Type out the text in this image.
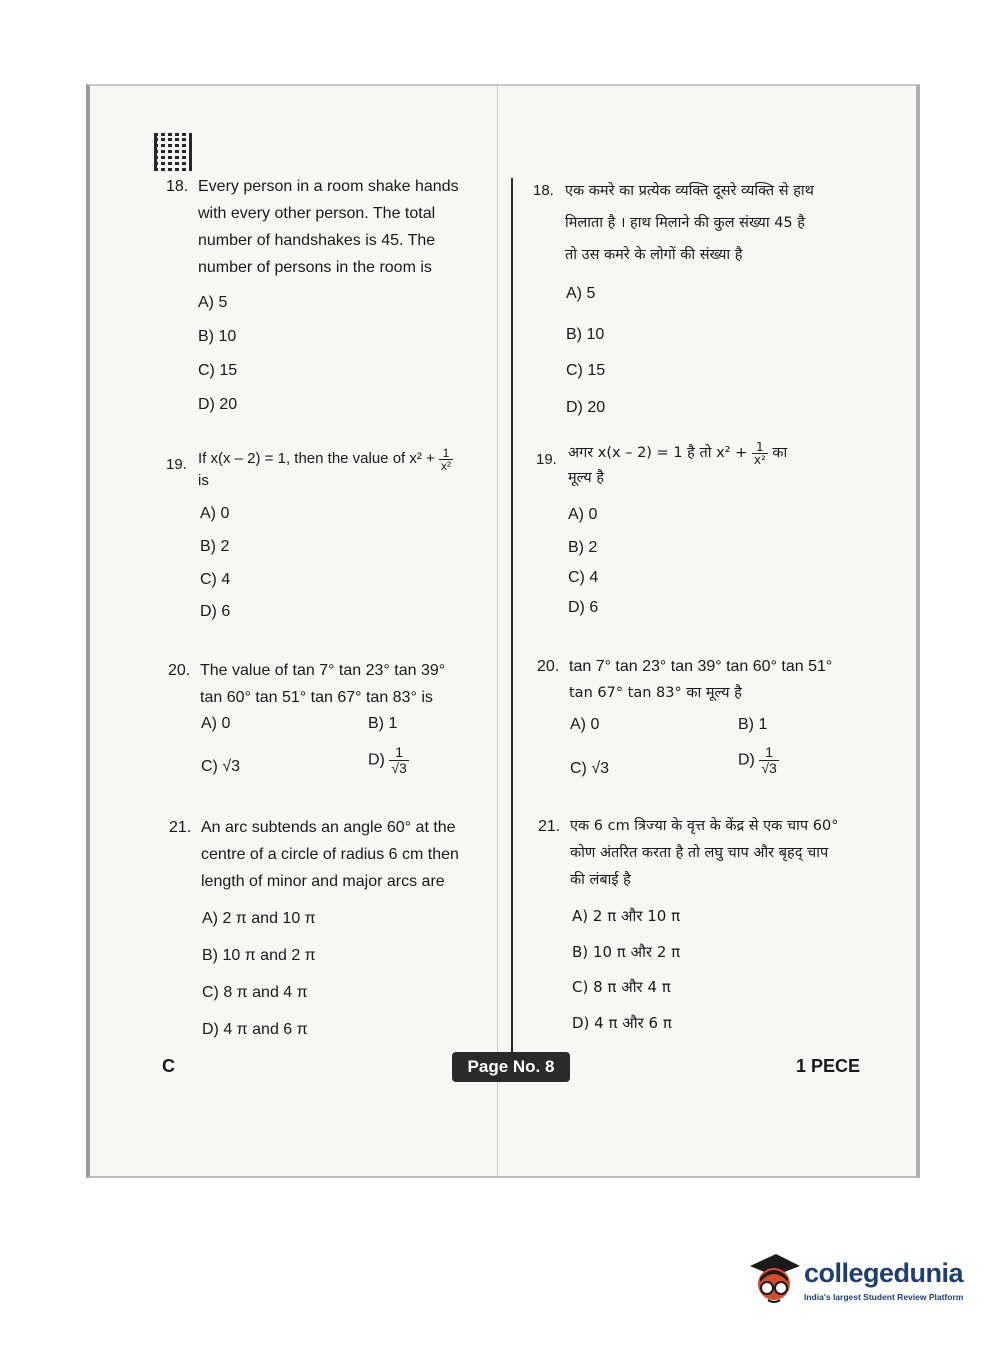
18. Every person in a room shake hands
with every other person. The total
number of handshakes is 45. The
number of persons in the room is
A) 5
B) 10
C) 15
D) 20
19. If x(x – 2) = 1, then the value of $x^2 + \frac{1}{\text{x²}}$
is
A) 0
B) 2
C) 4
D) 6
20. The value of tan 7° tan 23° tan 39°
tan 60° tan 51° tan 67° tan 83° is
A) 0	B) 1
C) √3	$D) \frac{1}{√3}$
21. An arc subtends an angle 60° at the
centre of a circle of radius 6 cm then
length of minor and major arcs are
A) 2 π and 10 π
B) 10 π and 2 π
C) 8 π and 4 π
D) 4 π and 6 π
18. एक कमरे का प्रत्येक व्यक्ति दूसरे व्यक्ति से हाथ
मिलाता है । हाथ मिलाने की कुल संख्या 45 है
तो उस कमरे के लोगों की संख्या है
A) 5
B) 10
C) 15
D) 20
19. अगर x(x – 2) = 1 है तो $x^2 + \frac{1}{\text{x²}}$ का
मूल्य है
A) 0
B) 2
C) 4
D) 6
20. tan 7° tan 23° tan 39° tan 60° tan 51°
tan 67° tan 83° का मूल्य है
A) 0	B) 1
C) √3	$D) \frac{1}{√3}$
21. एक 6 cm त्रिज्या के वृत्त के केंद्र से एक चाप 60°
कोण अंतरित करता है तो लघु चाप और बृहद् चाप
की लंबाई है
A) 2 π और 10 π
B) 10 π और 2 π
C) 8 π और 4 π
D) 4 π और 6 π
C	Page No. 8	1 PECE
collegedunia
India's largest Student Review Platform
